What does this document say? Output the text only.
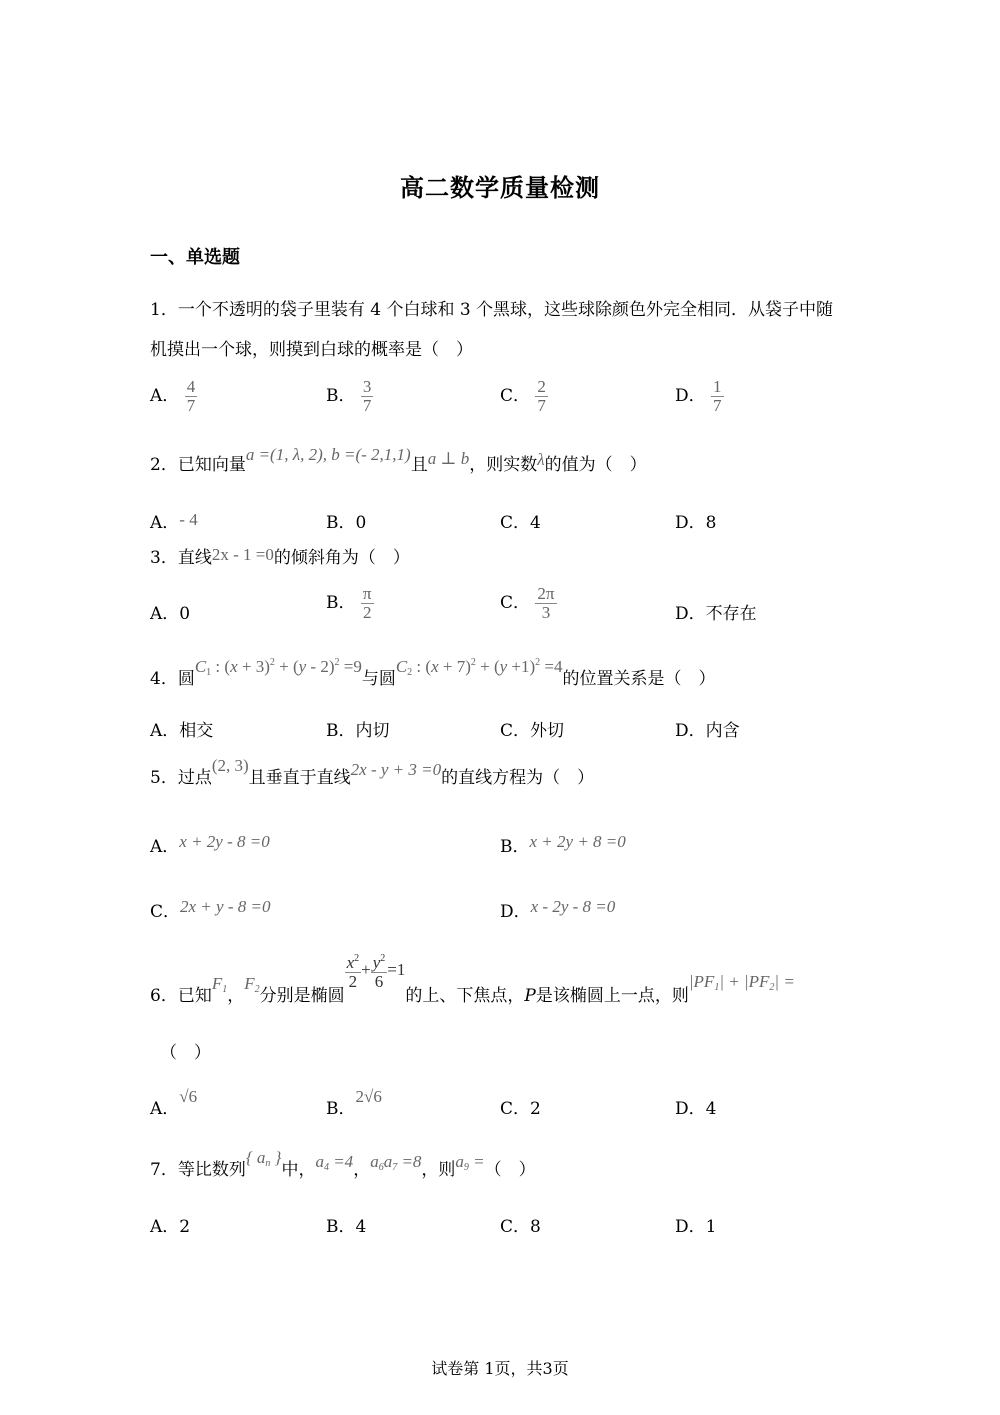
高二数学质量检测
一、单选题
1．一个不透明的袋子里装有 4 个白球和 3 个黑球，这些球除颜色外完全相同．从袋子中随
机摸出一个球，则摸到白球的概率是（　）
A． $\frac{4}{7}$	B． $\frac{3}{7}$	C． $\frac{2}{7}$	D． $\frac{1}{7}$
2．已知向量a =(1, λ, 2), b =(- 2,1,1)且a ⊥ b，则实数λ的值为（　）
A．- 4	B．0	C．4	D．8
3．直线2x - 1 =0的倾斜角为（　）
A．0
B． $\frac{\pi}{2}$	C． $\frac{2\pi}{3}$	D．不存在
4．圆$C_1$ : $(x + 3)^2 + (y - 2)^2 =9$与圆$C_2$ : $(x + 7)^2 + (y +1)^2 =4$的位置关系是（　）
A．相交	B．内切	C．外切	D．内含
5．过点(2, 3)且垂直于直线2x - y + 3 =0的直线方程为（　）
A．x + 2y - 8 =0	B．x + 2y + 8 =0
C．2x + y - 8 =0	D．x - 2y - 8 =0
6．已知$F_1$，$F_2$分别是椭圆
$\frac{x^2}{2} + \frac{y^2}{6} =1$的上、下焦点，P是该椭圆上一点，则$|PF_1| + |PF_2|$ =
（　）
A．√6
B．2√6
C．2	D．4
7．等比数列{ $a_n$ }中，$a_4 =4$，$a_6a_7 =8$，则$a_9$ =（　）
A．2	B．4	C．8	D．1
试卷第 1页，共3页
